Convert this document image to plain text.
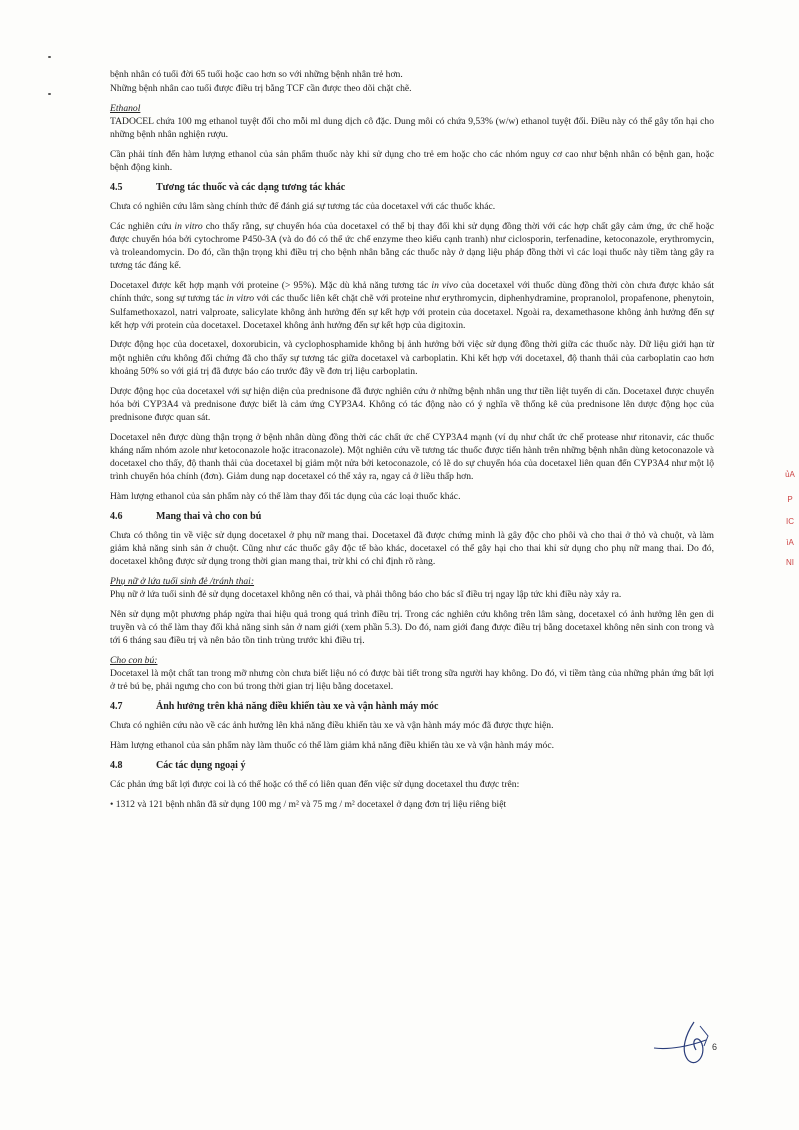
bệnh nhân có tuổi đời 65 tuổi hoặc cao hơn so với những bệnh nhân trẻ hơn.

Những bệnh nhân cao tuổi được điều trị bằng TCF cần được theo dõi chặt chẽ.

Ethanol

TADOCEL chứa 100 mg ethanol tuyệt đối cho mỗi ml dung dịch cô đặc. Dung môi có chứa 9,53% (w/w) ethanol tuyệt đối. Điều này có thể gây tổn hại cho những bệnh nhân nghiện rượu.

Cần phải tính đến hàm lượng ethanol của sản phẩm thuốc này khi sử dụng cho trẻ em hoặc cho các nhóm nguy cơ cao như bệnh nhân có bệnh gan, hoặc bệnh động kinh.

4.5	Tương tác thuốc và các dạng tương tác khác

Chưa có nghiên cứu lâm sàng chính thức để đánh giá sự tương tác của docetaxel với các thuốc khác.

Các nghiên cứu in vitro cho thấy rằng, sự chuyển hóa của docetaxel có thể bị thay đổi khi sử dụng đồng thời với các hợp chất gây cảm ứng, ức chế hoặc được chuyển hóa bởi cytochrome P450-3A (và do đó có thể ức chế enzyme theo kiểu cạnh tranh) như ciclosporin, terfenadine, ketoconazole, erythromycin, và troleandomycin. Do đó, cần thận trọng khi điều trị cho bệnh nhân bằng các thuốc này ở dạng liệu pháp đồng thời vì các loại thuốc này tiềm tàng gây ra tương tác đáng kể.

Docetaxel được kết hợp mạnh với proteine (> 95%). Mặc dù khả năng tương tác in vivo của docetaxel với thuốc dùng đồng thời còn chưa được khảo sát chính thức, song sự tương tác in vitro với các thuốc liên kết chặt chẽ với proteine như erythromycin, diphenhydramine, propranolol, propafenone, phenytoin, Sulfamethoxazol, natri valproate, salicylate không ảnh hưởng đến sự kết hợp với protein của docetaxel. Ngoài ra, dexamethasone không ảnh hưởng đến sự kết hợp với protein của docetaxel. Docetaxel không ảnh hưởng đến sự kết hợp của digitoxin.

Dược động học của docetaxel, doxorubicin, và cyclophosphamide không bị ảnh hưởng bởi việc sử dụng đồng thời giữa các thuốc này. Dữ liệu giới hạn từ một nghiên cứu không đối chứng đã cho thấy sự tương tác giữa docetaxel và carboplatin. Khi kết hợp với docetaxel, độ thanh thải của carboplatin cao hơn khoảng 50% so với giá trị đã được báo cáo trước đây về đơn trị liệu carboplatin.

Dược động học của docetaxel với sự hiện diện của prednisone đã được nghiên cứu ở những bệnh nhân ung thư tiền liệt tuyến di căn. Docetaxel được chuyển hóa bởi CYP3A4 và prednisone được biết là cảm ứng CYP3A4. Không có tác động nào có ý nghĩa về thống kê của prednisone lên dược động học của prednisone được quan sát.

Docetaxel nên được dùng thận trọng ở bệnh nhân dùng đồng thời các chất ức chế CYP3A4 mạnh (ví dụ như chất ức chế protease như ritonavir, các thuốc kháng nấm nhóm azole như ketoconazole hoặc itraconazole). Một nghiên cứu về tương tác thuốc được tiến hành trên những bệnh nhân dùng ketoconazole và docetaxel cho thấy, độ thanh thải của docetaxel bị giảm một nửa bởi ketoconazole, có lẽ do sự chuyển hóa của docetaxel liên quan đến CYP3A4 như một lộ trình chuyển hóa chính (đơn). Giảm dung nạp docetaxel có thể xảy ra, ngay cả ở liều thấp hơn.

Hàm lượng ethanol của sản phẩm này có thể làm thay đổi tác dụng của các loại thuốc khác.

4.6	Mang thai và cho con bú

Chưa có thông tin về việc sử dụng docetaxel ở phụ nữ mang thai. Docetaxel đã được chứng minh là gây độc cho phôi và cho thai ở thỏ và chuột, và làm giảm khả năng sinh sản ở chuột. Cũng như các thuốc gây độc tế bào khác, docetaxel có thể gây hại cho thai khi sử dụng cho phụ nữ mang thai. Do đó, docetaxel không được sử dụng trong thời gian mang thai, trừ khi có chỉ định rõ ràng.

Phụ nữ ở lứa tuổi sinh đẻ /tránh thai:

Phụ nữ ở lứa tuổi sinh đẻ sử dụng docetaxel không nên có thai, và phải thông báo cho bác sĩ điều trị ngay lập tức khi điều này xảy ra.

Nên sử dụng một phương pháp ngừa thai hiệu quả trong quá trình điều trị. Trong các nghiên cứu không trên lâm sàng, docetaxel có ảnh hưởng lên gen di truyền và có thể làm thay đổi khả năng sinh sản ở nam giới (xem phần 5.3). Do đó, nam giới đang được điều trị bằng docetaxel không nên sinh con trong và tới 6 tháng sau điều trị và nên bảo tồn tinh trùng trước khi điều trị.

Cho con bú:

Docetaxel là một chất tan trong mỡ nhưng còn chưa biết liệu nó có được bài tiết trong sữa người hay không. Do đó, vì tiềm tàng của những phản ứng bất lợi ở trẻ bú bẹ, phải ngưng cho con bú trong thời gian trị liệu bằng docetaxel.

4.7	Ảnh hưởng trên khả năng điều khiển tàu xe và vận hành máy móc

Chưa có nghiên cứu nào về các ảnh hưởng lên khả năng điều khiển tàu xe và vận hành máy móc đã được thực hiện.

Hàm lượng ethanol của sản phẩm này làm thuốc có thể làm giảm khả năng điều khiển tàu xe và vận hành máy móc.

4.8	Các tác dụng ngoại ý

Các phản ứng bất lợi được coi là có thể hoặc có thể có liên quan đến việc sử dụng docetaxel thu được trên:

• 1312 và 121 bệnh nhân đã sử dụng 100 mg / m² và 75 mg / m² docetaxel ở dạng đơn trị liệu riêng biệt

ủA
P
IC
ìA
NI
6
